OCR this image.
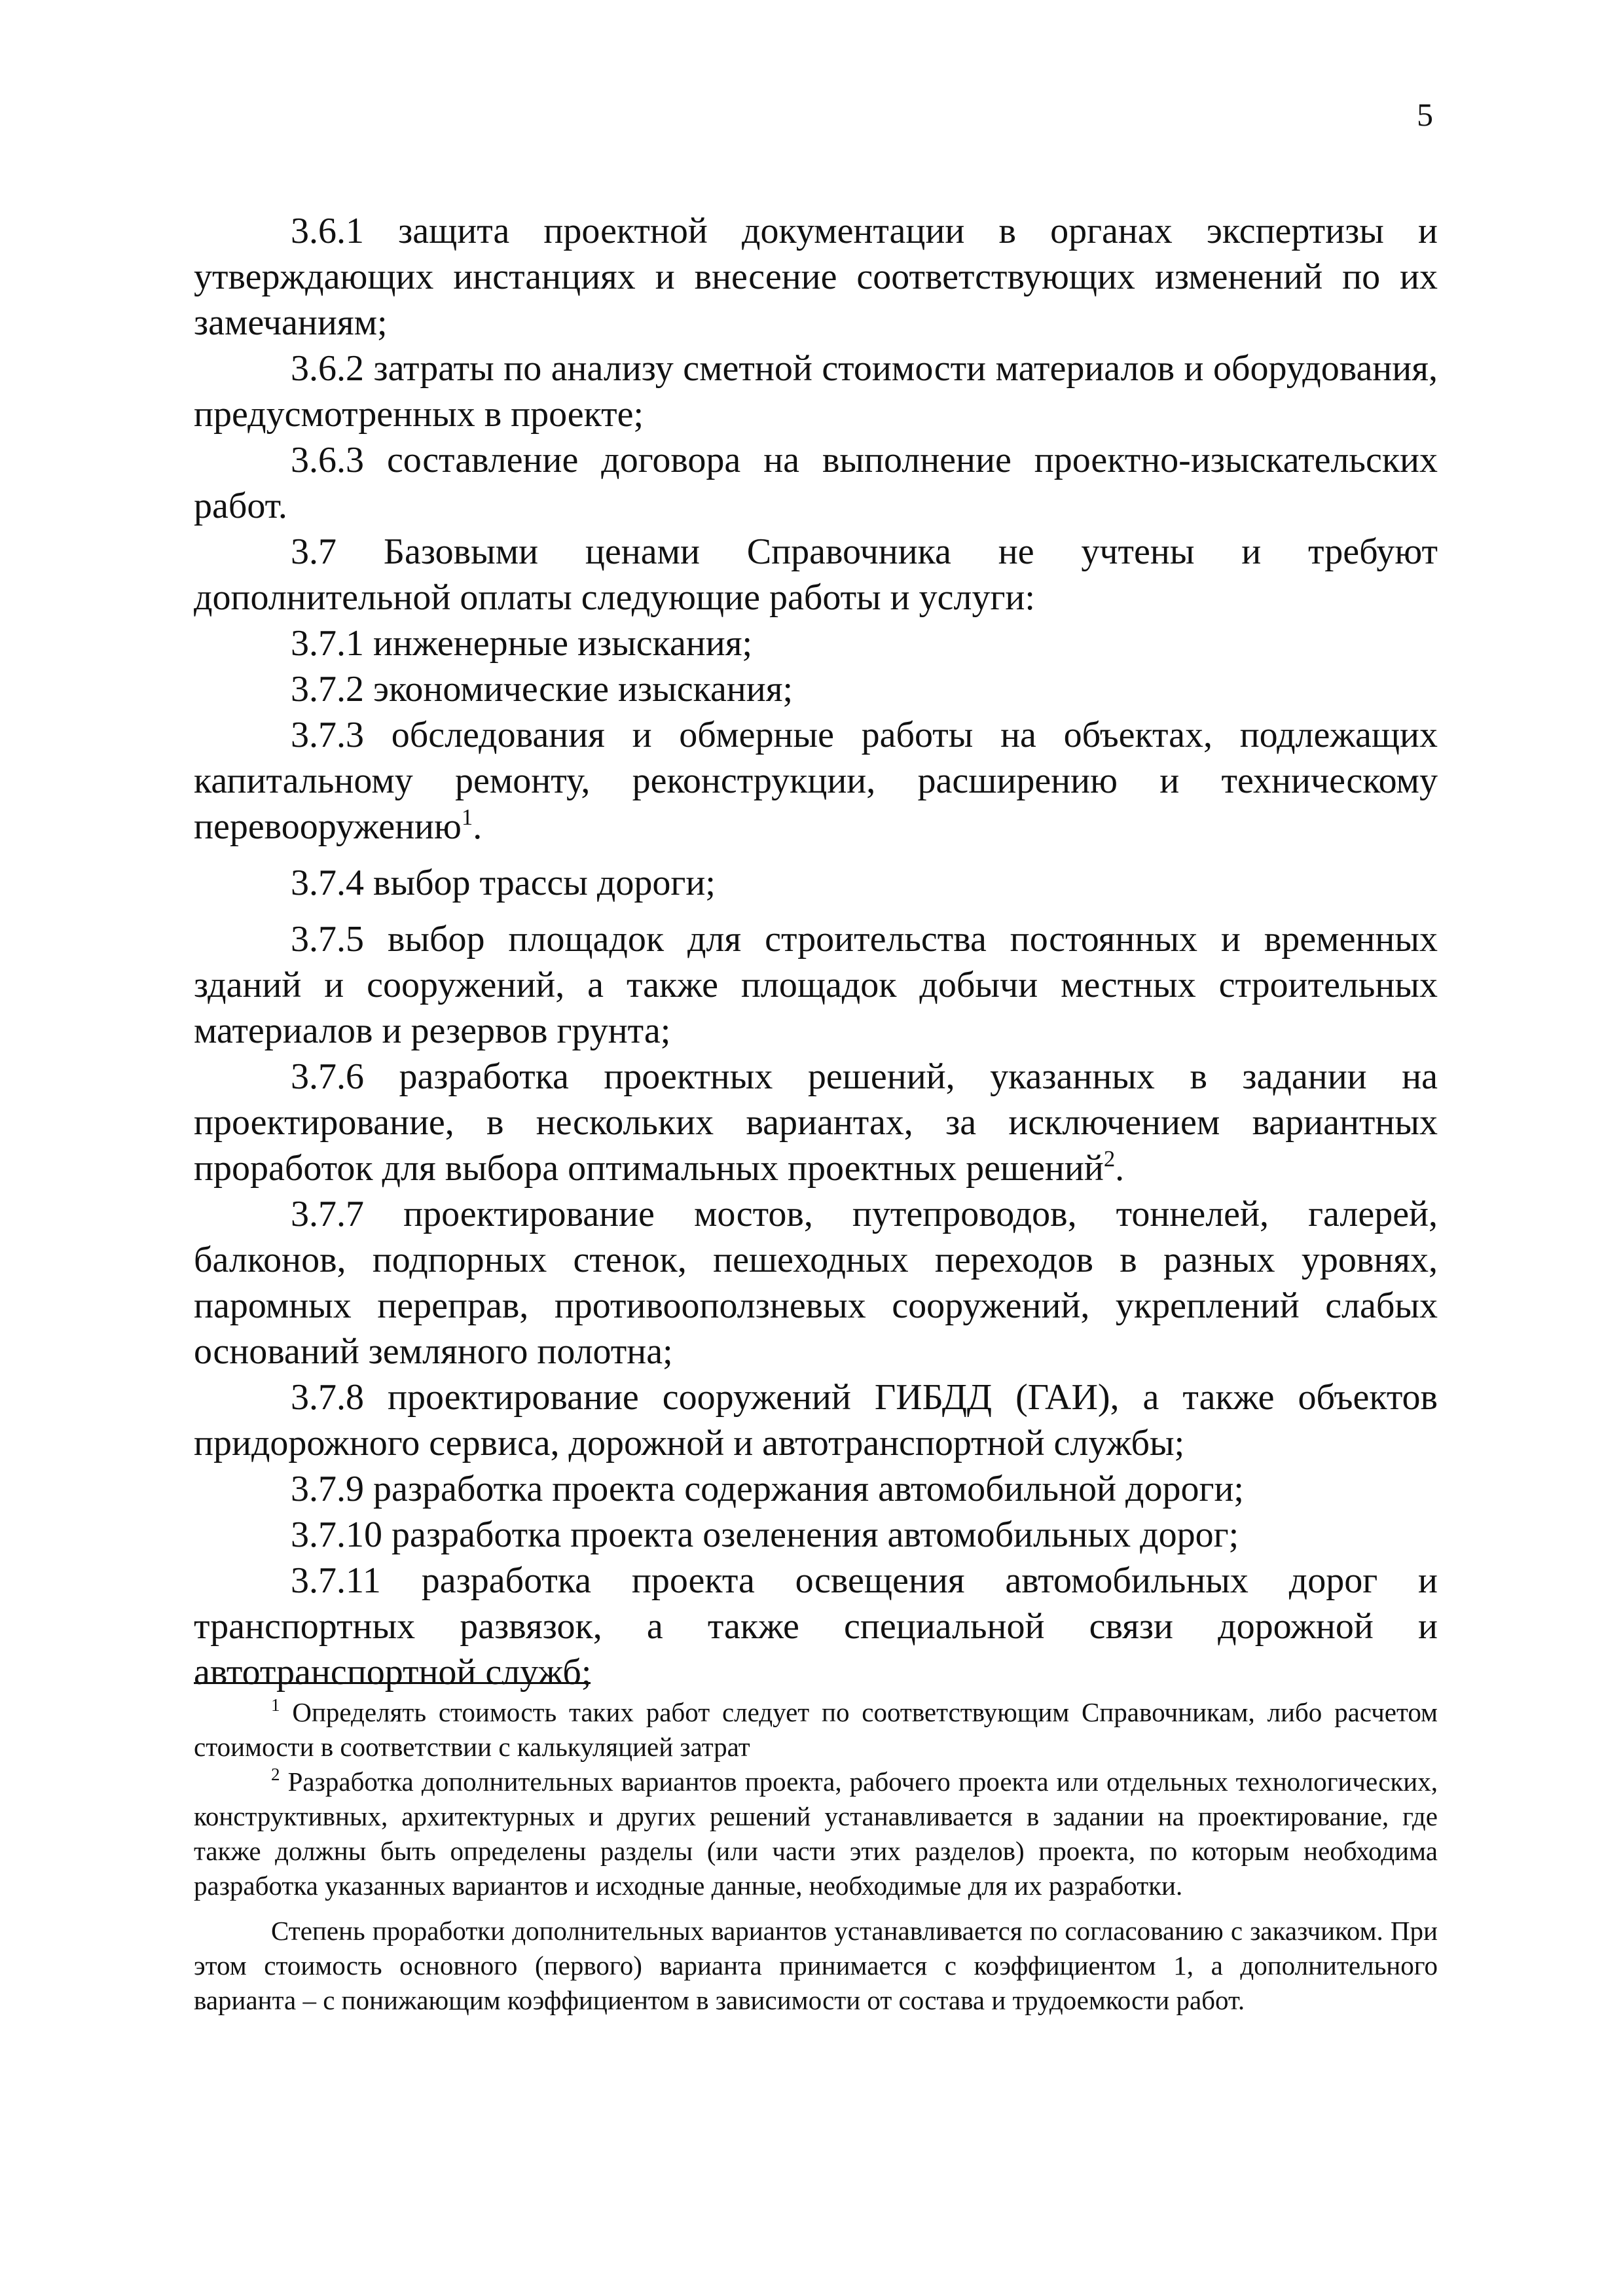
5

3.6.1 защита проектной документации в органах экспертизы и утверждающих инстанциях и внесение соответствующих изменений по их замечаниям;

3.6.2 затраты по анализу сметной стоимости материалов и оборудования, предусмотренных в проекте;

3.6.3 составление договора на выполнение проектно-изыскательских работ.

3.7 Базовыми ценами Справочника не учтены и требуют дополнительной оплаты следующие работы и услуги:

3.7.1 инженерные изыскания;

3.7.2 экономические изыскания;

3.7.3 обследования и обмерные работы на объектах, подлежащих капитальному ремонту, реконструкции, расширению и техническому перевооружению$^1$.

3.7.4 выбор трассы дороги;

3.7.5 выбор площадок для строительства постоянных и временных зданий и сооружений, а также площадок добычи местных строительных материалов и резервов грунта;

3.7.6 разработка проектных решений, указанных в задании на проектирование, в нескольких вариантах, за исключением вариантных проработок для выбора оптимальных проектных решений$^2$.

3.7.7 проектирование мостов, путепроводов, тоннелей, галерей, балконов, подпорных стенок, пешеходных переходов в разных уровнях, паромных переправ, противооползневых сооружений, укреплений слабых оснований земляного полотна;

3.7.8 проектирование сооружений ГИБДД (ГАИ), а также объектов придорожного сервиса, дорожной и автотранспортной службы;

3.7.9 разработка проекта содержания автомобильной дороги;

3.7.10 разработка проекта озеленения автомобильных дорог;

3.7.11 разработка проекта освещения автомобильных дорог и транспортных развязок, а также специальной связи дорожной и автотранспортной служб;

$^1$ Определять стоимость таких работ следует по соответствующим Справочникам, либо расчетом стоимости в соответствии с калькуляцией затрат

$^2$ Разработка дополнительных вариантов проекта, рабочего проекта или отдельных технологических, конструктивных, архитектурных и других решений устанавливается в задании на проектирование, где также должны быть определены разделы (или части этих разделов) проекта, по которым необходима разработка указанных вариантов и исходные данные, необходимые для их разработки.

Степень проработки дополнительных вариантов устанавливается по согласованию с заказчиком. При этом стоимость основного (первого) варианта принимается с коэффициентом 1, а дополнительного варианта – с понижающим коэффициентом в зависимости от состава и трудоемкости работ.
